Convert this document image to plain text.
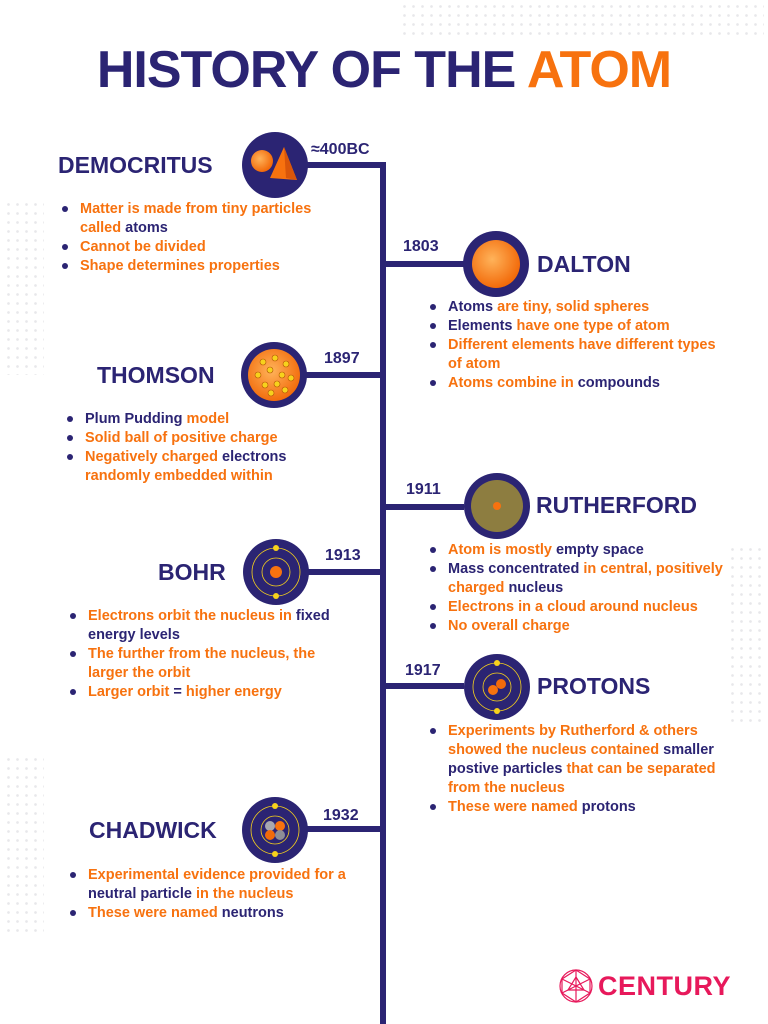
HISTORY OF THE ATOM
DEMOCRITUS
≈400BC
Matter is made from tiny particles called atoms
Cannot be divided
Shape determines properties	DALTON
1803
Atoms are tiny, solid spheres
Elements have one type of atom
Different elements have different types of atom
Atoms combine in compounds
THOMSON
1897
Plum Pudding model
Solid ball of positive charge
Negatively charged electrons randomly embedded within
RUTHERFORD
1911
Atom is mostly empty space
Mass concentrated in central, positively charged nucleus
Electrons in a cloud around nucleus
No overall charge
BOHR
1913
Electrons orbit the nucleus in fixed energy levels
The further from the nucleus, the larger the orbit
Larger orbit = higher energy	PROTONS
1917
Experiments by Rutherford & others showed the nucleus contained smaller postive particles that can be separated from the nucleus
These were named protons
CHADWICK
1932
Experimental evidence provided for a neutral particle in the nucleus
These were named neutrons
CENTURY
